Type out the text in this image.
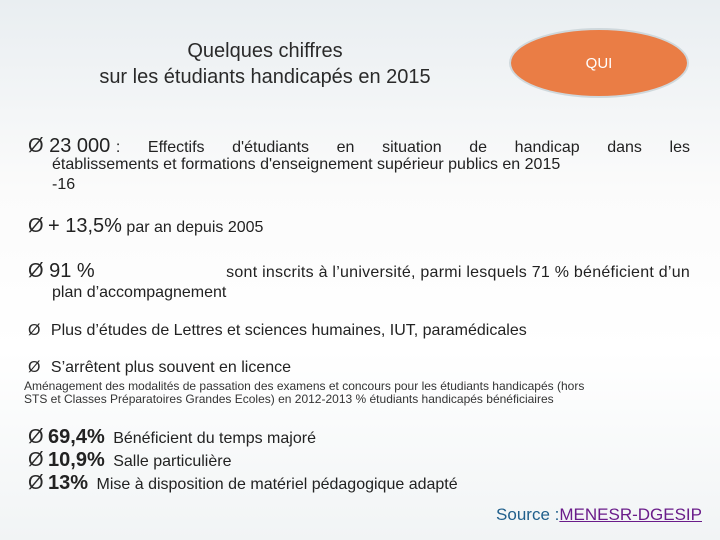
Quelques chiffres
sur les étudiants handicapés en 2015
QUI
Ø 23 000 : Effectifs d'étudiants en situation de handicap dans les
établissements et formations d'enseignement supérieur publics en 2015
-16
Ø + 13,5% par an depuis 2005
Ø 91 %	sont inscrits à l’université, parmi lesquels 71 % bénéficient d’un
plan d’accompagnement
Ø Plus d’études de Lettres et sciences humaines, IUT, paramédicales
Ø S’arrêtent plus souvent en licence
Aménagement des modalités de passation des examens et concours pour les étudiants handicapés (hors
STS et Classes Préparatoires Grandes Ecoles) en 2012-2013 % étudiants handicapés bénéficiaires
Ø 69,4% Bénéficient du temps majoré
Ø 10,9% Salle particulière
Ø 13% Mise à disposition de matériel pédagogique adapté
Source :MENESR-DGESIP
